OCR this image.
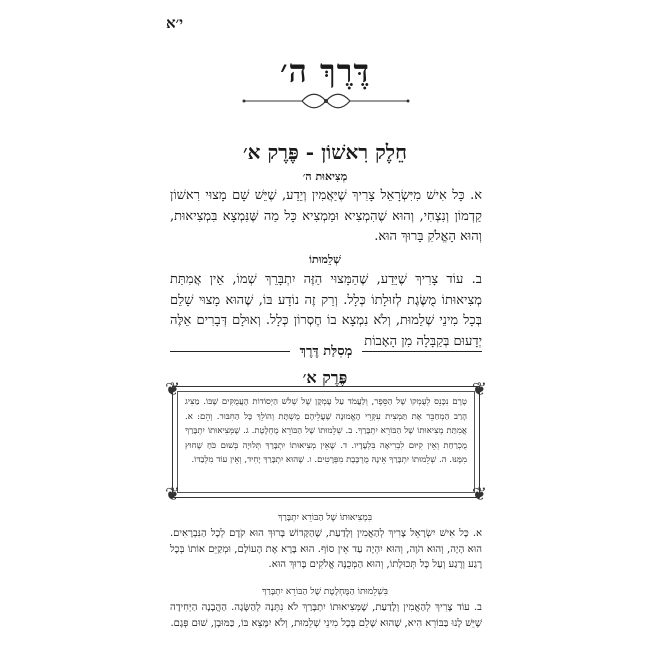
י׳א
דֶּרֶךְ ה׳
חֵלֶק רִאשׁוֹן - פֶּרֶק א׳
מְצִיאוּת ה׳
א. כָּל אִישׁ מִיִּשְׂרָאֵל צָרִיךְ שֶׁיַּאֲמִין וְיֵדַע, שֶׁיֵּשׁ שָׁם מָצוּי רִאשׁוֹן קַדְמוֹן וְנִצְחִי, וְהוּא שֶׁהִמְצִיא וּמַמְצִיא כָּל מַה שֶּׁנִּמְצָא בִּמְצִיאוּת, וְהוּא הָאֱלֹקִ בָּרוּךְ הוּא.
שְׁלֵמוּתוֹ
ב. עוֹד צָרִיךְ שֶׁיֵּדַע, שֶׁהַמָּצוּי הַזֶּה יִתְבָּרֵךְ שְׁמוֹ, אֵין אֲמִתַּת מְצִיאוּתוֹ מֻשֶּׂגֶת לְזוּלָתוֹ כְּלָל. וְרַק זֶה נוֹדָע בּוֹ, שֶׁהוּא מָצוּי שָׁלֵם בְּכָל מִינֵי שְׁלֵמוּת, וְלֹא נִמְצָא בוֹ חֶסְרוֹן כְּלָל. וְאוּלָם דְּבָרִים אֵלֶּה יְדָעוּם בְּקַבָּלָה מִן הָאָבוֹת
מְסִלַּת דֶּרֶךְ
פֶּרֶק א׳
❦	❦
❦	❦
טֶרֶם נִכָּנֵס לְעֻמְקוֹ שֶׁל הַסֵּפֶר, וְלַעֲמֹד עַל עָמְקָן שֶׁל שְׁלֹשׁ הַיְסוֹדוֹת הָעֲמֻקִּים שֶׁבּוֹ. מַצִּיג הָרַב הַמְחַבֵּר אֶת תַּמְצִית עִקְּרֵי הָאֱמוּנָה שֶׁעֲלֵיהֶם מֻשְׁתָּת וְהוֹלֵךְ כָּל הַחִבּוּר. וְהֵם: א. אֲמִתַּת מְצִיאוּתוֹ שֶׁל הַבּוֹרֵא יִתְבָּרַךְ. ב. שְׁלֵמוּתוֹ שֶׁל הַבּוֹרֵא מֻחְלֶטֶת. ג. שֶׁמְּצִיאוּתוֹ יִתְבָּרַךְ מֻכְרַחַת וְאֵין קִיּוּם לִבְרִיאָה בִּלְעָדָיו. ד. שֶׁאֵין מְצִיאוּתוֹ יִתְבָּרַךְ תְּלוּיָה בְּשׁוּם כֹּחַ שֶׁחוּץ מִמֶּנּוּ. ה. שְׁלֵמוּתוֹ יִתְבָּרַךְ אֵינָהּ מֻרְכֶּבֶת מִפְּרָטִים. ו. שֶׁהוּא יִתְבָּרַךְ יָחִיד, וְאֵין עוֹד מִלְבַדּוֹ.
בִּמְצִיאוּתוֹ שֶׁל הַבּוֹרֵא יִתְבָּרַךְ
א. כָּל אִישׁ יִשְׂרָאֵל צָרִיךְ לְהַאֲמִין וְלָדַעַת, שֶׁהַקָּדוֹשׁ בָּרוּךְ הוּא קֹדֶם לְכָל הַנִּבְרָאִים. הוּא הָיָה, וְהוּא הֹוֶה, וְהוּא יִהְיֶה עַד אֵין סוֹף. הוּא בָּרָא אֶת הָעוֹלָם, וּמְקַיֵּם אוֹתוֹ בְּכָל רֶגַע וְרֶגַע וְעַל כָּל תְּכוּלָתוֹ, וְהוּא הַמְּכֻנֶּה אֱלֹקִים בָּרוּךְ הוּא.
בִּשְׁלֵמוּתוֹ הַמֻּחְלֶטֶת שֶׁל הַבּוֹרֵא יִתְבָּרַךְ
ב. עוֹד צָרִיךְ לְהַאֲמִין וְלָדַעַת, שֶׁמְּצִיאוּתוֹ יִתְבָּרַךְ לֹא נִתְּנָה לְהַשָּׂגָה. הַהֲבָנָה הַיְּחִידָה שֶׁיֵּשׁ לָנוּ בַּבּוֹרֵא הִיא, שֶׁהוּא שָׁלֵם בְּכָל מִינֵי שְׁלֵמוּת, וְלֹא יִמָּצֵא בּוֹ, כַּמּוּבָן, שׁוּם פְּגָם.
